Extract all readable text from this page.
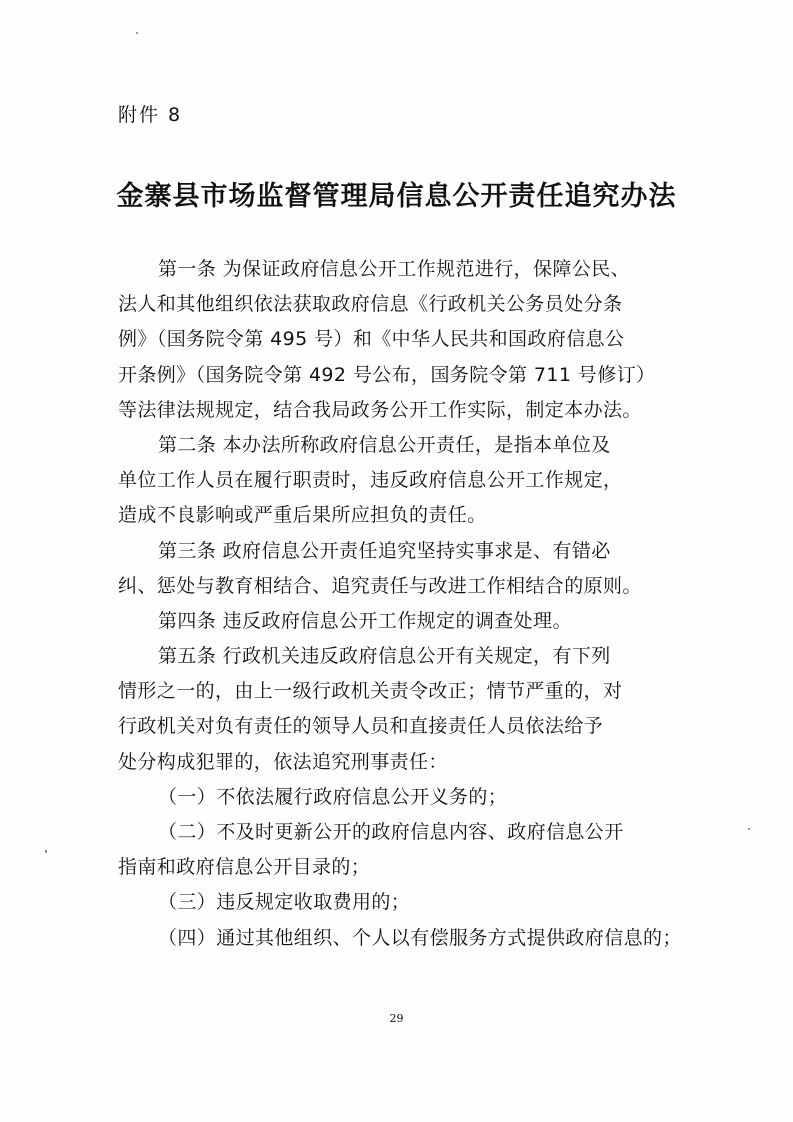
附件 8
金寨县市场监督管理局信息公开责任追究办法
第一条 为保证政府信息公开工作规范进行，保障公民、
法人和其他组织依法获取政府信息《行政机关公务员处分条
例》（国务院令第 495 号）和《中华人民共和国政府信息公
开条例》（国务院令第 492 号公布，国务院令第 711 号修订）
等法律法规规定，结合我局政务公开工作实际，制定本办法。
第二条 本办法所称政府信息公开责任，是指本单位及
单位工作人员在履行职责时，违反政府信息公开工作规定，
造成不良影响或严重后果所应担负的责任。
第三条 政府信息公开责任追究坚持实事求是、有错必
纠、惩处与教育相结合、追究责任与改进工作相结合的原则。
第四条 违反政府信息公开工作规定的调查处理。
第五条 行政机关违反政府信息公开有关规定，有下列
情形之一的，由上一级行政机关责令改正；情节严重的，对
行政机关对负有责任的领导人员和直接责任人员依法给予
处分构成犯罪的，依法追究刑事责任：
（一）不依法履行政府信息公开义务的；
（二）不及时更新公开的政府信息内容、政府信息公开
指南和政府信息公开目录的；
（三）违反规定收取费用的；
（四）通过其他组织、个人以有偿服务方式提供政府信息的；
29
